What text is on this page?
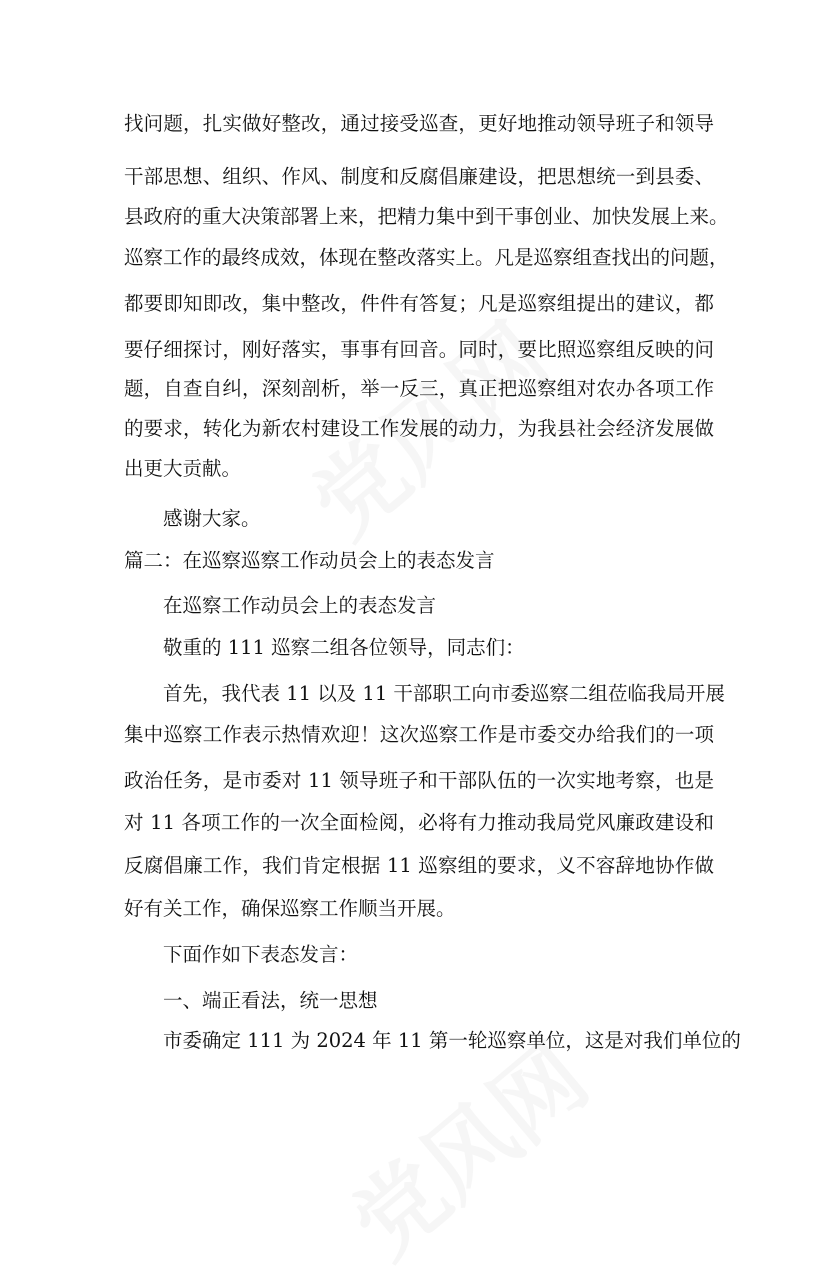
找问题，扎实做好整改，通过接受巡查，更好地推动领导班子和领导
干部思想、组织、作风、制度和反腐倡廉建设，把思想统一到县委、
县政府的重大决策部署上来，把精力集中到干事创业、加快发展上来。
巡察工作的最终成效，体现在整改落实上。凡是巡察组查找出的问题，
都要即知即改，集中整改，件件有答复；凡是巡察组提出的建议，都
要仔细探讨，刚好落实，事事有回音。同时，要比照巡察组反映的问
题，自查自纠，深刻剖析，举一反三，真正把巡察组对农办各项工作
的要求，转化为新农村建设工作发展的动力，为我县社会经济发展做
出更大贡献。
感谢大家。
篇二：在巡察巡察工作动员会上的表态发言
在巡察工作动员会上的表态发言
敬重的 111 巡察二组各位领导，同志们：
首先，我代表 11 以及 11 干部职工向市委巡察二组莅临我局开展
集中巡察工作表示热情欢迎！这次巡察工作是市委交办给我们的一项
政治任务，是市委对 11 领导班子和干部队伍的一次实地考察，也是
对 11 各项工作的一次全面检阅，必将有力推动我局党风廉政建设和
反腐倡廉工作，我们肯定根据 11 巡察组的要求，义不容辞地协作做
好有关工作，确保巡察工作顺当开展。
下面作如下表态发言：
一、端正看法，统一思想
市委确定 111 为 2024 年 11 第一轮巡察单位，这是对我们单位的
